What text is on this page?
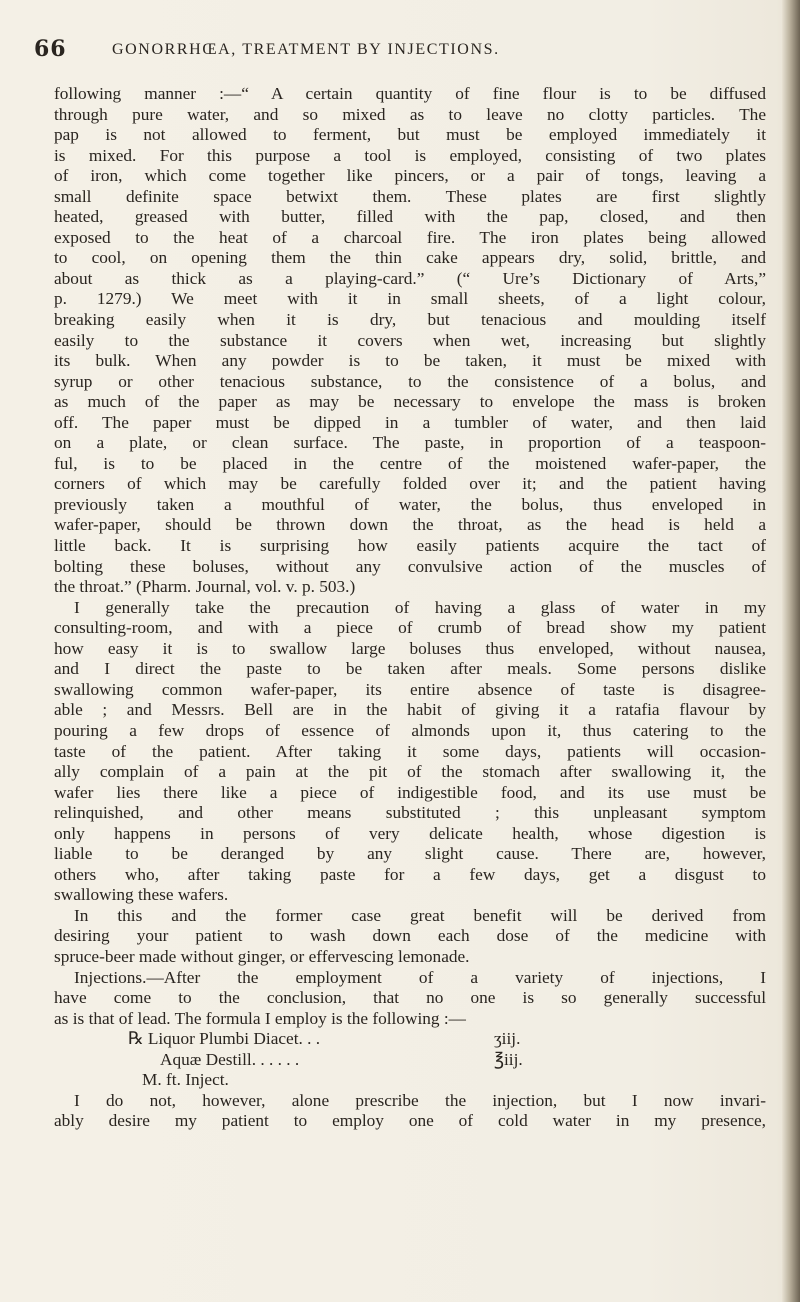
66	GONORRHŒA, TREATMENT BY INJECTIONS.
following manner :—“ A certain quantity of fine flour is to be diffused
through pure water, and so mixed as to leave no clotty particles. The
pap is not allowed to ferment, but must be employed immediately it
is mixed. For this purpose a tool is employed, consisting of two plates
of iron, which come together like pincers, or a pair of tongs, leaving a
small definite space betwixt them. These plates are first slightly
heated, greased with butter, filled with the pap, closed, and then
exposed to the heat of a charcoal fire. The iron plates being allowed
to cool, on opening them the thin cake appears dry, solid, brittle, and
about as thick as a playing-card.” (“ Ure’s Dictionary of Arts,”
p. 1279.) We meet with it in small sheets, of a light colour,
breaking easily when it is dry, but tenacious and moulding itself
easily to the substance it covers when wet, increasing but slightly
its bulk. When any powder is to be taken, it must be mixed with
syrup or other tenacious substance, to the consistence of a bolus, and
as much of the paper as may be necessary to envelope the mass is broken
off. The paper must be dipped in a tumbler of water, and then laid
on a plate, or clean surface. The paste, in proportion of a teaspoon-
ful, is to be placed in the centre of the moistened wafer-paper, the
corners of which may be carefully folded over it; and the patient having
previously taken a mouthful of water, the bolus, thus enveloped in
wafer-paper, should be thrown down the throat, as the head is held a
little back. It is surprising how easily patients acquire the tact of
bolting these boluses, without any convulsive action of the muscles of
the throat.” (Pharm. Journal, vol. v. p. 503.)
I generally take the precaution of having a glass of water in my
consulting-room, and with a piece of crumb of bread show my patient
how easy it is to swallow large boluses thus enveloped, without nausea,
and I direct the paste to be taken after meals. Some persons dislike
swallowing common wafer-paper, its entire absence of taste is disagree-
able ; and Messrs. Bell are in the habit of giving it a ratafia flavour by
pouring a few drops of essence of almonds upon it, thus catering to the
taste of the patient. After taking it some days, patients will occasion-
ally complain of a pain at the pit of the stomach after swallowing it, the
wafer lies there like a piece of indigestible food, and its use must be
relinquished, and other means substituted ; this unpleasant symptom
only happens in persons of very delicate health, whose digestion is
liable to be deranged by any slight cause. There are, however,
others who, after taking paste for a few days, get a disgust to
swallowing these wafers.
In this and the former case great benefit will be derived from
desiring your patient to wash down each dose of the medicine with
spruce-beer made without ginger, or effervescing lemonade.
Injections.—After the employment of a variety of injections, I
have come to the conclusion, that no one is so generally successful
as is that of lead. The formula I employ is the following :—
℞ Liquor Plumbi Diacet. . .	ʒiij.
Aquæ Destill. . . . . .	℥iij.
M. ft. Inject.
I do not, however, alone prescribe the injection, but I now invari-
ably desire my patient to employ one of cold water in my presence,
